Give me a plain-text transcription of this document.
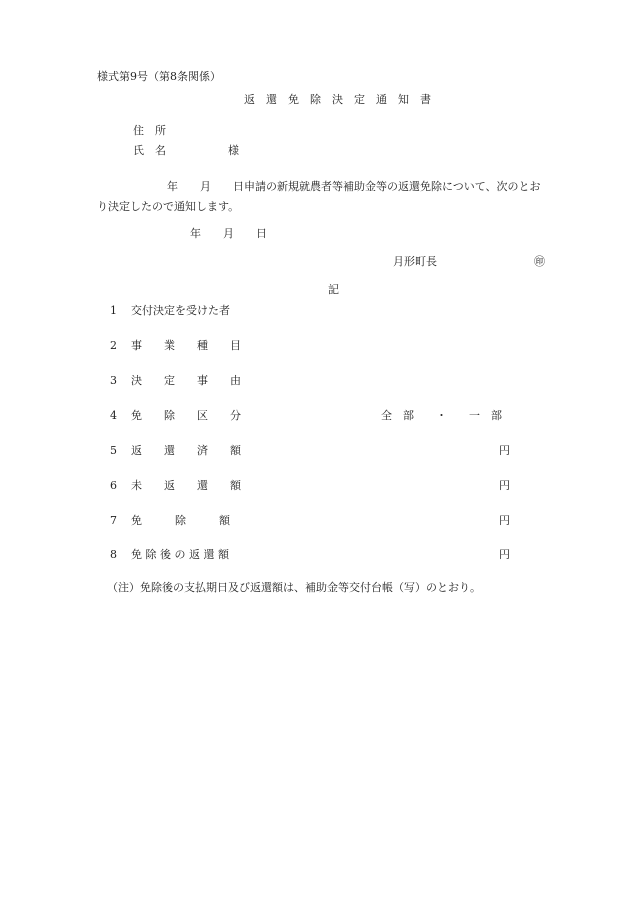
様式第9号（第8条関係）
返　還　免　除　決　定　通　知　書
住　所
氏　名	様
年　　月　　日申請の新規就農者等補助金等の返還免除について、次のとお
り決定したので通知します。
年　　月　　日
月形町長	㊞
記
1 交付決定を受けた者
2 事　　業　　種　　目
3 決　　定　　事　　由
4 免　　除　　区　　分	全　部　　・　　一　部
5 返　　還　　済　　額	円
6 未　　返　　還　　額	円
7 免　　　除　　　額	円
8 免 除 後 の 返 還 額	円
（注）免除後の支払期日及び返還額は、補助金等交付台帳（写）のとおり。
